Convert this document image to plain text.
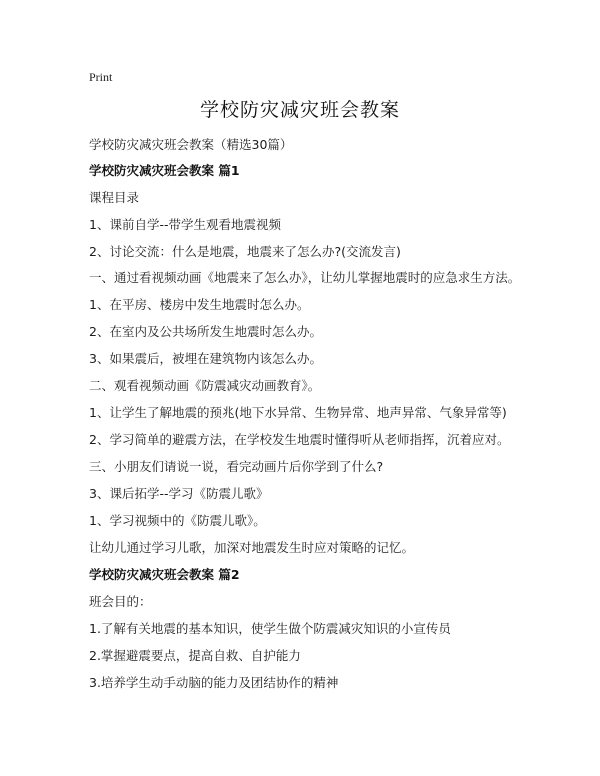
Print
学校防灾减灾班会教案
学校防灾减灾班会教案（精选30篇）
学校防灾减灾班会教案 篇1
课程目录
1、课前自学--带学生观看地震视频
2、讨论交流：什么是地震，地震来了怎么办?(交流发言)
一、通过看视频动画《地震来了怎么办》，让幼儿掌握地震时的应急求生方法。
1、在平房、楼房中发生地震时怎么办。
2、在室内及公共场所发生地震时怎么办。
3、如果震后，被埋在建筑物内该怎么办。
二、观看视频动画《防震减灾动画教育》。
1、让学生了解地震的预兆(地下水异常、生物异常、地声异常、气象异常等)
2、学习简单的避震方法，在学校发生地震时懂得听从老师指挥，沉着应对。
三、小朋友们请说一说，看完动画片后你学到了什么?
3、课后拓学--学习《防震儿歌》
1、学习视频中的《防震儿歌》。
让幼儿通过学习儿歌，加深对地震发生时应对策略的记忆。
学校防灾减灾班会教案 篇2
班会目的：
1.了解有关地震的基本知识，使学生做个防震减灾知识的小宣传员
2.掌握避震要点，提高自救、自护能力
3.培养学生动手动脑的能力及团结协作的精神
